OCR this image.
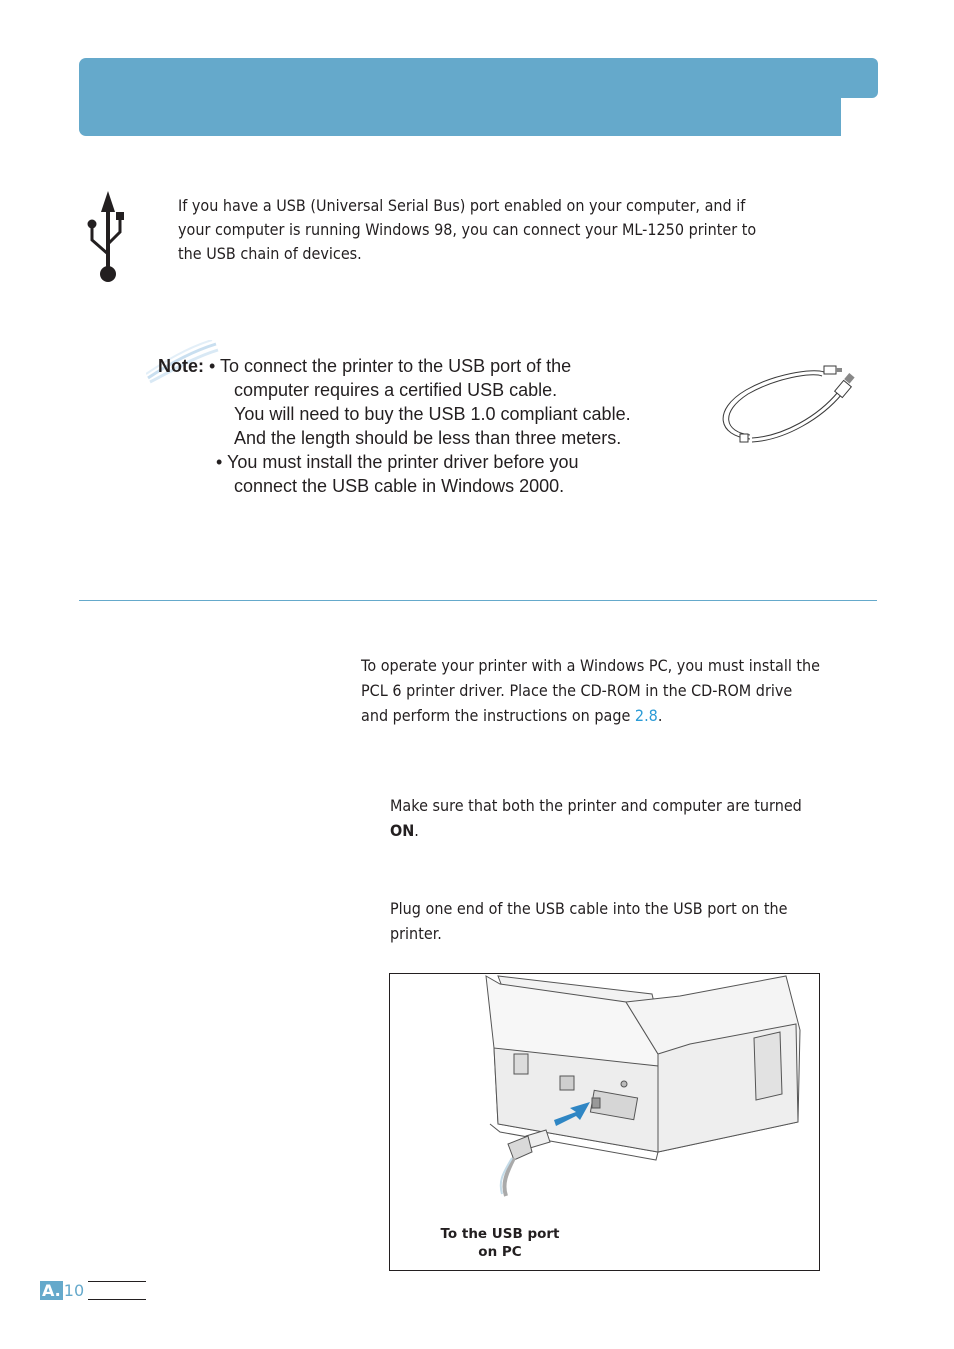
If you have a USB (Universal Serial Bus) port enabled on your computer, and if
your computer is running Windows 98, you can connect your ML-1250 printer to
the USB chain of devices.
Note: • To connect the printer to the USB port of the
computer requires a certified USB cable.
You will need to buy the USB 1.0 compliant cable.
And the length should be less than three meters.
• You must install the printer driver before you
connect the USB cable in Windows 2000.
To operate your printer with a Windows PC, you must install the
PCL 6 printer driver. Place the CD-ROM in the CD-ROM drive
and perform the instructions on page 2.8.
Make sure that both the printer and computer are turned
ON.
Plug one end of the USB cable into the USB port on the
printer.
To the USB port
on PC
A. 10
